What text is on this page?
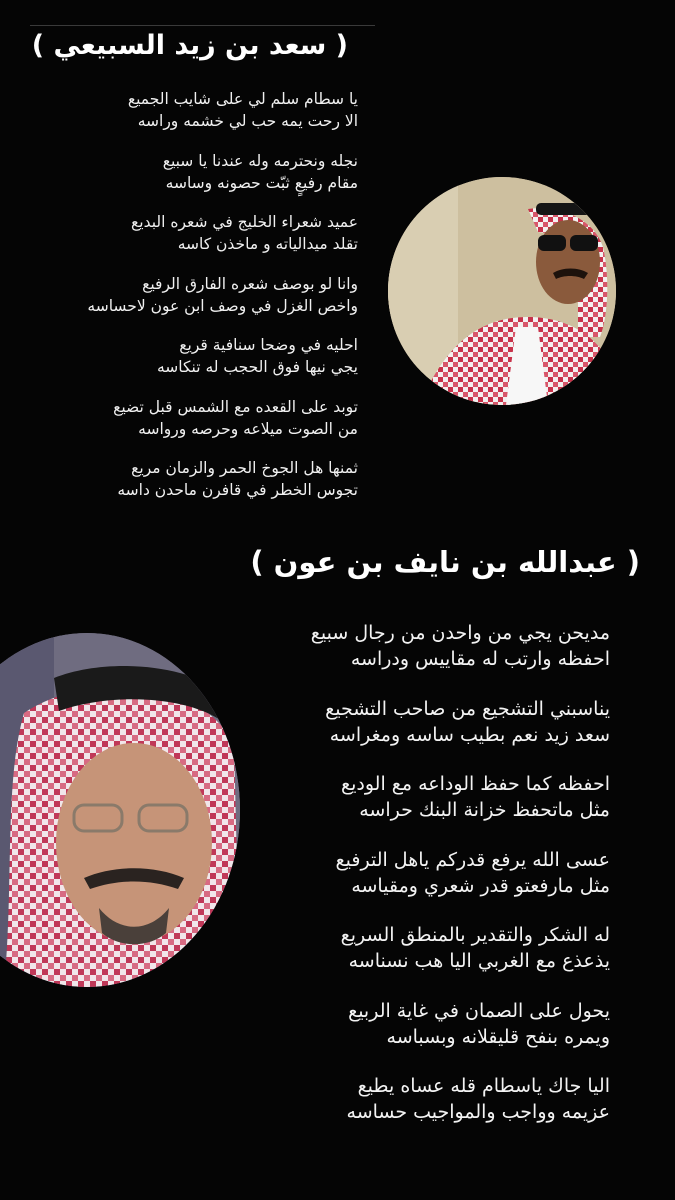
( سعد بن زيد السبيعي )
يا سطام سلم لي على شايب الجميع
الا رحت يمه حب لي خشمه وراسه
نجله ونحترمه وله عندنا يا سبيع
مقام رفيعٍ ثبّت حصونه وساسه
عميد شعراء الخليج في شعره البديع
تقلد ميدالياته و ماخذن كاسه
وانا لو بوصف شعره الفارق الرفيع
واخص الغزل في وصف ابن عون لاحساسه
احليه في وضحا سنافية قريع
يجي نيها فوق الحجب له تنكاسه
توبد على القعده مع الشمس قبل تضيع
من الصوت ميلاعه وحرصه ورواسه
ثمنها هل الجوخ الحمر والزمان مريع
تجوس الخطر في قافرن ماحدن داسه
( عبدالله بن نايف بن عون )
مديحن يجي من واحدن من رجال سبيع
احفظه وارتب له مقاييس ودراسه
يناسبني التشجيع من صاحب التشجيع
سعد زيد نعم بطيب ساسه ومغراسه
احفظه كما حفظ الوداعه مع الوديع
مثل ماتحفظ خزانة البنك حراسه
عسى الله يرفع قدركم ياهل الترفيع
مثل مارفعتو قدر شعري ومقياسه
له الشكر والتقدير بالمنطق السريع
يذعذع مع الغربي اليا هب نسناسه
يحول على الصمان في غاية الربيع
ويمره بنفح قليقلانه وبسباسه
اليا جاك ياسطام قله عساه يطيع
عزيمه وواجب والمواجيب حساسه
